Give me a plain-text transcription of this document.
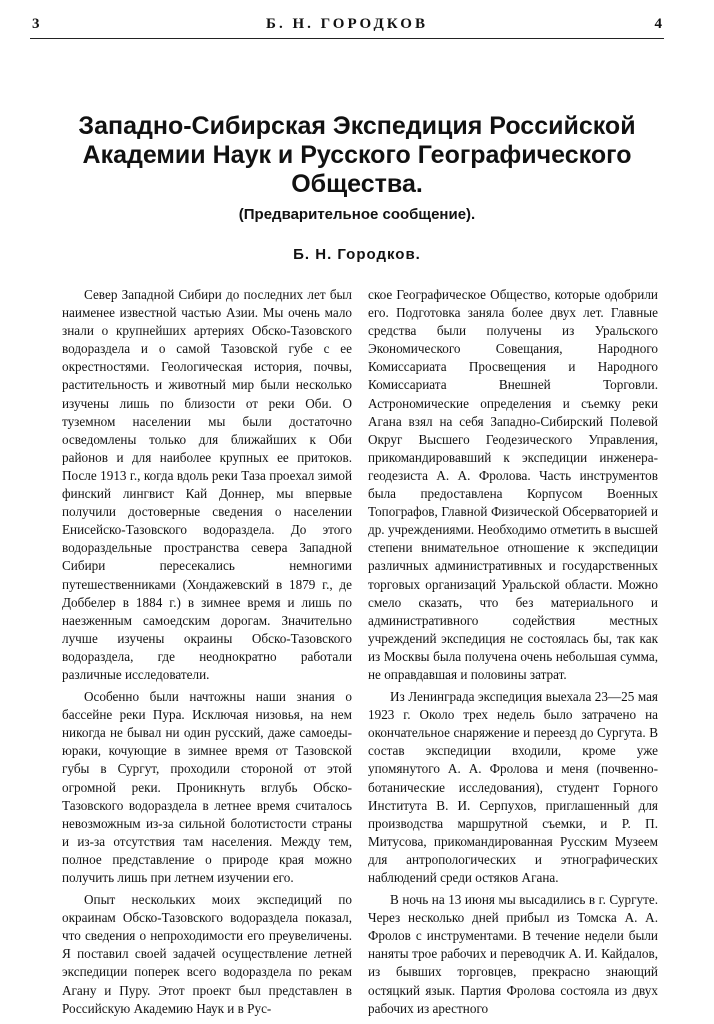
3	Б. Н. ГОРОДКОВ	4
Западно-Сибирская Экспедиция Российской Академии Наук и Русского Географического Общества.
(Предварительное сообщение).
Б. Н. Городков.

Север Западной Сибири до последних лет был наименее известной частью Азии. Мы очень мало знали о крупнейших артериях Обско-Тазовского водораздела и о самой Тазовской губе с ее окрестностями. Геологическая история, почвы, растительность и животный мир были несколько изучены лишь по близости от реки Оби. О туземном населении мы были достаточно осведомлены только для ближайших к Оби районов и для наиболее крупных ее притоков. После 1913 г., когда вдоль реки Таза проехал зимой финский лингвист Кай Доннер, мы впервые получили достоверные сведения о населении Енисейско-Тазовского водораздела. До этого водораздельные пространства севера Западной Сибири пересекались немногими путешественниками (Хондажевский в 1879 г., де Доббелер в 1884 г.) в зимнее время и лишь по наезженным самоедским дорогам. Значительно лучше изучены окраины Обско-Тазовского водораздела, где неоднократно работали различные исследователи.

Особенно были начтожны наши знания о бассейне реки Пура. Исключая низовья, на нем никогда не бывал ни один русский, даже самоеды-юраки, кочующие в зимнее время от Тазовской губы в Сургут, проходили стороной от этой огромной реки. Проникнуть вглубь Обско-Тазовского водораздела в летнее время считалось невозможным из-за сильной болотистости страны и из-за отсутствия там населения. Между тем, полное представление о природе края можно получить лишь при летнем изучении его.

Опыт нескольких моих экспедиций по окраинам Обско-Тазовского водораздела показал, что сведения о непроходимости его преувеличены. Я поставил своей задачей осуществление летней экспедиции поперек всего водораздела по рекам Агану и Пуру. Этот проект был представлен в Российскую Академию Наук и в Рус-

ское Географическое Общество, которые одобрили его. Подготовка заняла более двух лет. Главные средства были получены из Уральского Экономического Совещания, Народного Комиссариата Просвещения и Народного Комиссариата Внешней Торговли. Астрономические определения и съемку реки Агана взял на себя Западно-Сибирский Полевой Округ Высшего Геодезического Управления, прикомандировавший к экспедиции инженера-геодезиста А. А. Фролова. Часть инструментов была предоставлена Корпусом Военных Топографов, Главной Физической Обсерваторией и др. учреждениями. Необходимо отметить в высшей степени внимательное отношение к экспедиции различных административных и государственных торговых организаций Уральской области. Можно смело сказать, что без материального и административного содействия местных учреждений экспедиция не состоялась бы, так как из Москвы была получена очень небольшая сумма, не оправдавшая и половины затрат.

Из Ленинграда экспедиция выехала 23—25 мая 1923 г. Около трех недель было затрачено на окончательное снаряжение и переезд до Сургута. В состав экспедиции входили, кроме уже упомянутого А. А. Фролова и меня (почвенно-ботанические исследования), студент Горного Института В. И. Серпухов, приглашенный для производства маршрутной съемки, и Р. П. Митусова, прикомандированная Русским Музеем для антропологических и этнографических наблюдений среди остяков Агана.

В ночь на 13 июня мы высадились в г. Сургуте. Через несколько дней прибыл из Томска А. А. Фролов с инструментами. В течение недели были наняты трое рабочих и переводчик А. И. Кайдалов, из бывших торговцев, прекрасно знающий остяцкий язык. Партия Фролова состояла из двух рабочих из арестного
